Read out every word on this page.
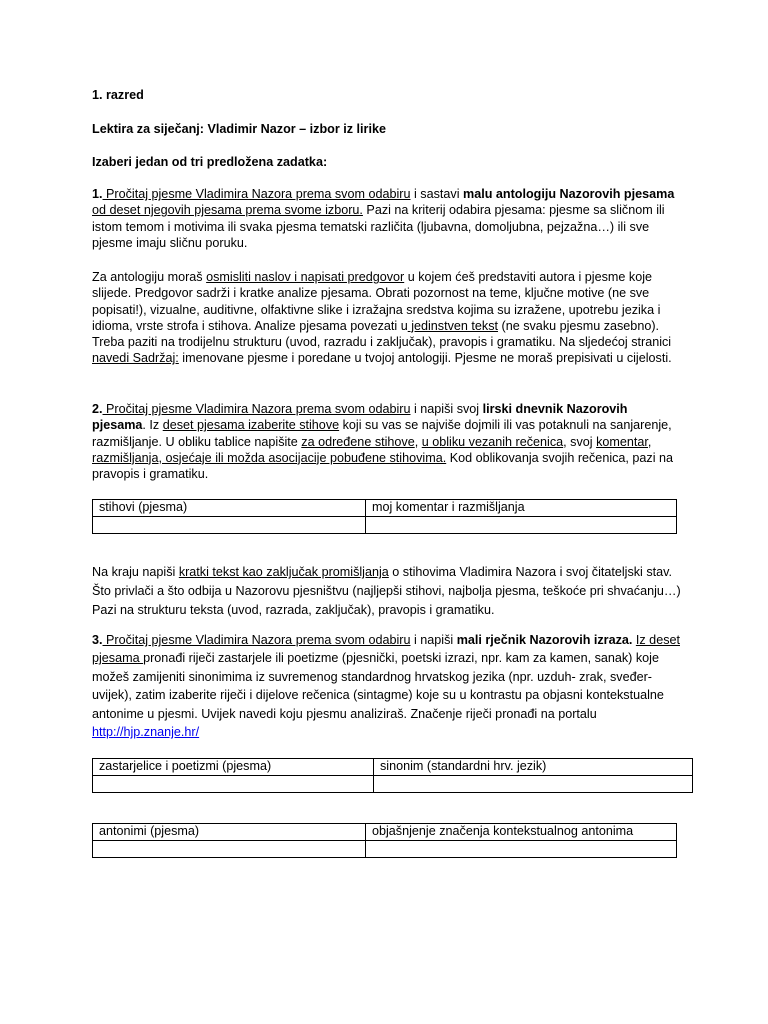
1. razred

Lektira za siječanj: Vladimir Nazor – izbor iz lirike

Izaberi jedan od tri predložena zadatka:

1. Pročitaj pjesme Vladimira Nazora prema svom odabiru i sastavi malu antologiju Nazorovih pjesama od deset njegovih pjesama prema svome izboru. Pazi na kriterij odabira pjesama: pjesme sa sličnom ili istom temom i motivima ili svaka pjesma tematski različita (ljubavna, domoljubna, pejzažna…) ili sve pjesme imaju sličnu poruku.

Za antologiju moraš osmisliti naslov i napisati predgovor u kojem ćeš predstaviti autora i pjesme koje slijede. Predgovor sadrži i kratke analize pjesama. Obrati pozornost na teme, ključne motive (ne sve popisati!), vizualne, auditivne, olfaktivne slike i izražajna sredstva kojima su izražene, upotrebu jezika i idioma, vrste strofa i stihova. Analize pjesama povezati u jedinstven tekst (ne svaku pjesmu zasebno). Treba paziti na trodijelnu strukturu (uvod, razradu i zaključak), pravopis i gramatiku. Na sljedećoj stranici navedi Sadržaj: imenovane pjesme i poredane u tvojoj antologiji. Pjesme ne moraš prepisivati u cijelosti.

2. Pročitaj pjesme Vladimira Nazora prema svom odabiru i napiši svoj lirski dnevnik Nazorovih pjesama. Iz deset pjesama izaberite stihove koji su vas se najviše dojmili ili vas potaknuli na sanjarenje, razmišljanje. U obliku tablice napišite za određene stihove, u obliku vezanih rečenica, svoj komentar, razmišljanja, osjećaje ili možda asocijacije pobuđene stihovima. Kod oblikovanja svojih rečenica, pazi na pravopis i gramatiku.

stihovi (pjesma)	moj komentar i razmišljanja

Na kraju napiši kratki tekst kao zaključak promišljanja o stihovima Vladimira Nazora i svoj čitateljski stav. Što privlači a što odbija u Nazorovu pjesništvu (najljepši stihovi, najbolja pjesma, teškoće pri shvaćanju…) Pazi na strukturu teksta (uvod, razrada, zaključak), pravopis i gramatiku.

3. Pročitaj pjesme Vladimira Nazora prema svom odabiru i napiši mali rječnik Nazorovih izraza. Iz deset pjesama pronađi riječi zastarjele ili poetizme (pjesnički, poetski izrazi, npr. kam za kamen, sanak) koje možeš zamijeniti sinonimima iz suvremenog standardnog hrvatskog jezika (npr. uzduh- zrak, sveđer- uvijek), zatim izaberite riječi i dijelove rečenica (sintagme) koje su u kontrastu pa objasni kontekstualne antonime u pjesmi. Uvijek navedi koju pjesmu analiziraš. Značenje riječi pronađi na portalu http://hjp.znanje.hr/

zastarjelice i poetizmi (pjesma)	sinonim (standardni hrv. jezik)

antonimi (pjesma)	objašnjenje značenja kontekstualnog antonima
